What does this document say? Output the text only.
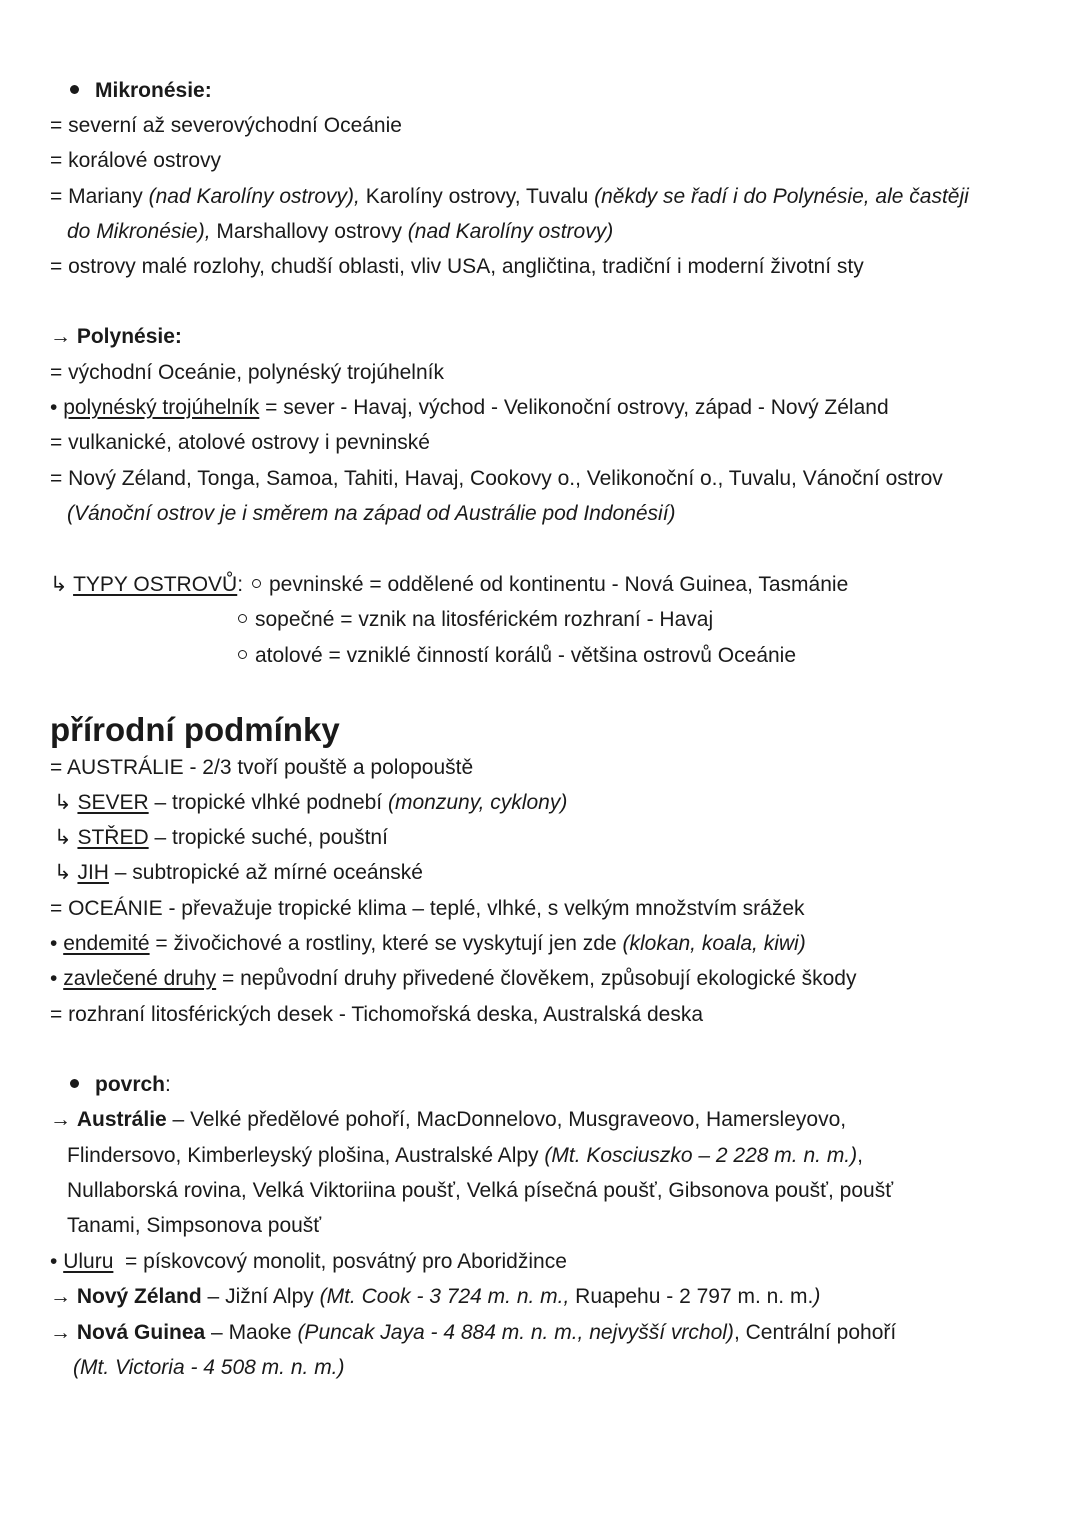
Mikronésie:
= severní až severovýchodní Oceánie
= korálové ostrovy
= Mariany (nad Karolíny ostrovy), Karolíny ostrovy, Tuvalu (někdy se řadí i do Polynésie, ale častěji
do Mikronésie), Marshallovy ostrovy (nad Karolíny ostrovy)
= ostrovy malé rozlohy, chudší oblasti, vliv USA, angličtina, tradiční i moderní životní sty
→ Polynésie:
= východní Oceánie, polynéský trojúhelník
• polynéský trojúhelník = sever - Havaj, východ - Velikonoční ostrovy, západ - Nový Zéland
= vulkanické, atolové ostrovy i pevninské
= Nový Zéland, Tonga, Samoa, Tahiti, Havaj, Cookovy o., Velikonoční o., Tuvalu, Vánoční ostrov
(Vánoční ostrov je i směrem na západ od Austrálie pod Indonésií)
↳ TYPY OSTROVŮ:	pevninské = oddělené od kontinentu - Nová Guinea, Tasmánie
sopečné = vznik na litosférickém rozhraní - Havaj
atolové = vzniklé činností korálů - většina ostrovů Oceánie
přírodní podmínky
= AUSTRÁLIE - 2/3 tvoří pouště a polopouště
↳ SEVER – tropické vlhké podnebí (monzuny, cyklony)
↳ STŘED – tropické suché, pouštní
↳ JIH – subtropické až mírné oceánské
= OCEÁNIE - převažuje tropické klima – teplé, vlhké, s velkým množstvím srážek
• endemité = živočichové a rostliny, které se vyskytují jen zde (klokan, koala, kiwi)
• zavlečené druhy = nepůvodní druhy přivedené člověkem, způsobují ekologické škody
= rozhraní litosférických desek - Tichomořská deska, Australská deska
povrch:
→ Austrálie – Velké předělové pohoří, MacDonnelovo, Musgraveovo, Hamersleyovo,
Flindersovo, Kimberleyský plošina, Australské Alpy (Mt. Kosciuszko – 2 228 m. n. m.),
Nullaborská rovina, Velká Viktoriina poušť, Velká písečná poušť, Gibsonova poušť, poušť
Tanami, Simpsonova poušť
• Uluru  = pískovcový monolit, posvátný pro Aboridžince
→ Nový Zéland – Jižní Alpy (Mt. Cook - 3 724 m. n. m., Ruapehu - 2 797 m. n. m.)
→ Nová Guinea – Maoke (Puncak Jaya - 4 884 m. n. m., nejvyšší vrchol), Centrální pohoří
(Mt. Victoria - 4 508 m. n. m.)
